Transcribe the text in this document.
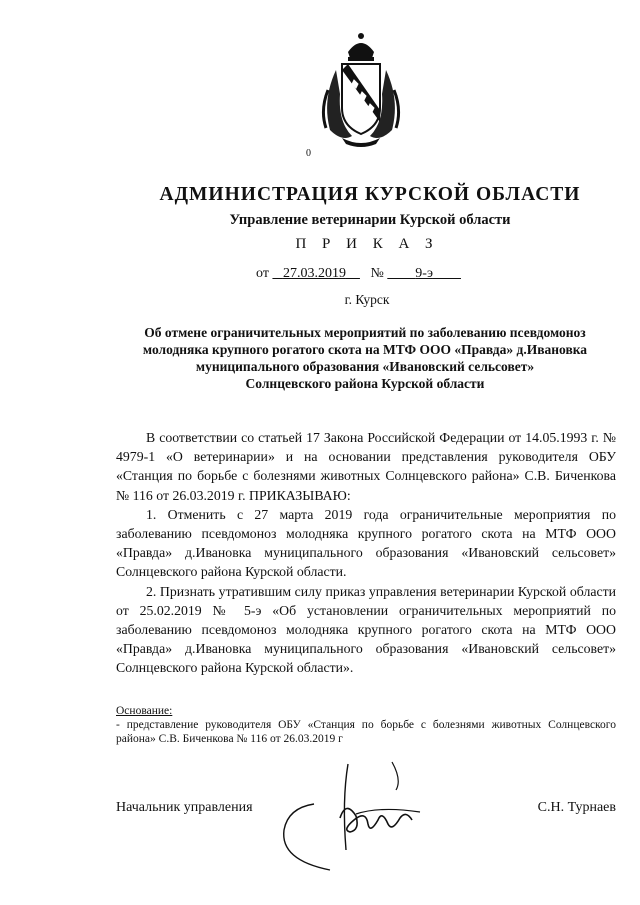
0
АДМИНИСТРАЦИЯ КУРСКОЙ ОБЛАСТИ
Управление ветеринарии Курской области
П Р И К А З
от 27.03.2019 № 9-э
г. Курск
Об отмене ограничительных мероприятий по заболеванию псевдомоноз
молодняка крупного рогатого скота на МТФ ООО «Правда» д.Ивановка
муниципального образования «Ивановский сельсовет»
Солнцевского района Курской области

В соответствии со статьей 17 Закона Российской Федерации от 14.05.1993 г. № 4979-1 «О ветеринарии» и на основании представления руководителя ОБУ «Станция по борьбе с болезнями животных Солнцевского района» С.В. Биченкова № 116 от 26.03.2019 г. ПРИКАЗЫВАЮ:

1. Отменить с 27 марта 2019 года ограничительные мероприятия по заболеванию псевдомоноз молодняка крупного рогатого скота на МТФ ООО «Правда» д.Ивановка муниципального образования «Ивановский сельсовет» Солнцевского района Курской области.

2. Признать утратившим силу приказ управления ветеринарии Курской области от 25.02.2019 № 5-э «Об установлении ограничительных мероприятий по заболеванию псевдомоноз молодняка крупного рогатого скота на МТФ ООО «Правда» д.Ивановка муниципального образования «Ивановский сельсовет» Солнцевского района Курской области».

Основание:
- представление руководителя ОБУ «Станция по борьбе с болезнями животных Солнцевского района» С.В. Биченкова № 116 от 26.03.2019 г
Начальник управления	С.Н. Турнаев
